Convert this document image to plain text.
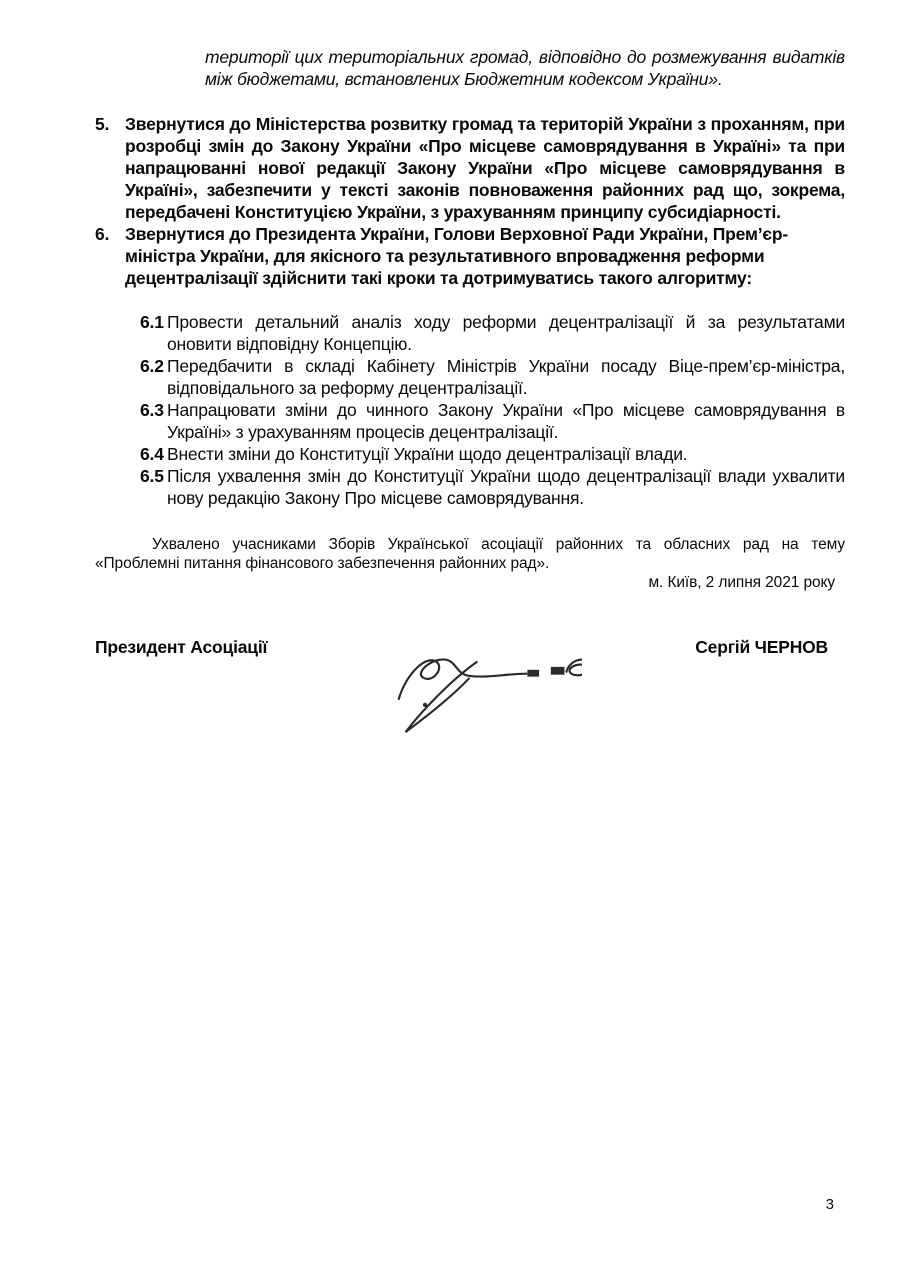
території цих територіальних громад, відповідно до розмежування видатків між бюджетами, встановлених Бюджетним кодексом України».

5. Звернутися до Міністерства розвитку громад та територій України з проханням, при розробці змін до Закону України «Про місцеве самоврядування в Україні» та при напрацюванні нової редакції Закону України «Про місцеве самоврядування в Україні», забезпечити у тексті законів повноваження районних рад що, зокрема, передбачені Конституцією України, з урахуванням принципу субсидіарності.

6. Звернутися до Президента України, Голови Верховної Ради України, Прем’єр-міністра України, для якісного та результативного впровадження реформи децентралізації здійснити такі кроки та дотримуватись такого алгоритму:

6.1 Провести детальний аналіз ходу реформи децентралізації й за результатами оновити відповідну Концепцію.

6.2 Передбачити в складі Кабінету Міністрів України посаду Віце-прем’єр-міністра, відповідального за реформу децентралізації.

6.3 Напрацювати зміни до чинного Закону України «Про місцеве самоврядування в Україні» з урахуванням процесів децентралізації.

6.4 Внести зміни до Конституції України щодо децентралізації влади.

6.5 Після ухвалення змін до Конституції України щодо децентралізації влади ухвалити нову редакцію Закону Про місцеве самоврядування.

Ухвалено учасниками Зборів Української асоціації районних та обласних рад на тему «Проблемні питання фінансового забезпечення районних рад».

м. Київ, 2 липня 2021 року

Президент Асоціації	Сергій ЧЕРНОВ
3
